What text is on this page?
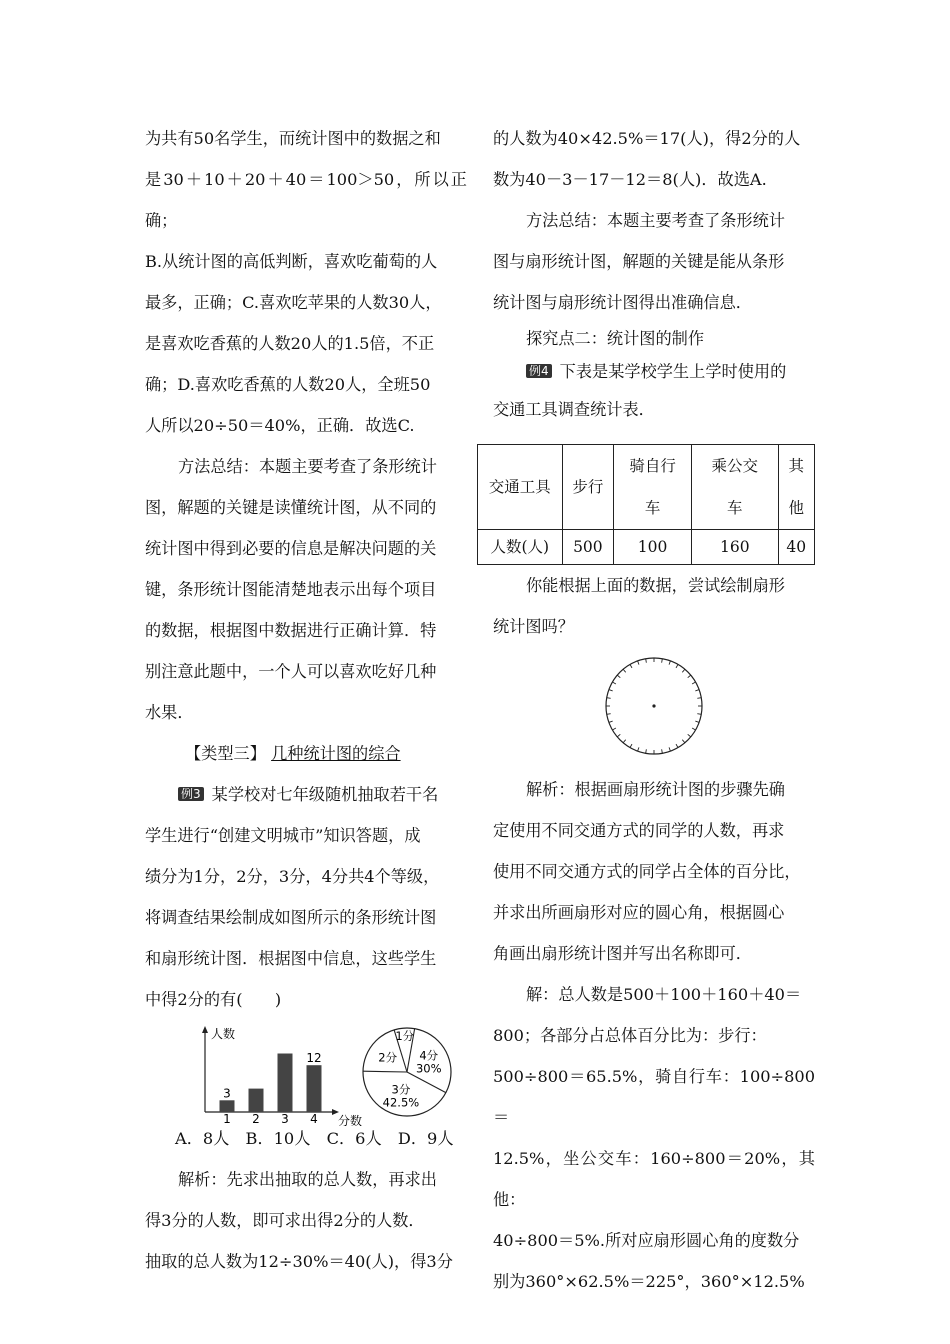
为共有50名学生，而统计图中的数据之和
是30＋10＋20＋40＝100＞50，所以正确；
B.从统计图的高低判断，喜欢吃葡萄的人
最多，正确；C.喜欢吃苹果的人数30人，
是喜欢吃香蕉的人数20人的1.5倍，不正
确；D.喜欢吃香蕉的人数20人，全班50
人所以20÷50＝40%，正确．故选C.
方法总结：本题主要考查了条形统计
图，解题的关键是读懂统计图，从不同的
统计图中得到必要的信息是解决问题的关
键，条形统计图能清楚地表示出每个项目
的数据，根据图中数据进行正确计算．特
别注意此题中，一个人可以喜欢吃好几种
水果．
【类型三】 几种统计图的综合
例3 某学校对七年级随机抽取若干名
学生进行“创建文明城市”知识答题，成
绩分为1分，2分，3分，4分共4个等级，
将调查结果绘制成如图所示的条形统计图
和扇形统计图．根据图中信息，这些学生
中得2分的有(　　)
人数
分数
1 2 3 4
3
12	4分
30%
3分
42.5%
2分
1分
A．8人　B．10人　C．6人　D．9人
解析：先求出抽取的总人数，再求出
得3分的人数，即可求出得2分的人数．
抽取的总人数为12÷30%＝40(人)，得3分
的人数为40×42.5%＝17(人)，得2分的人
数为40－3－17－12＝8(人)．故选A.
方法总结：本题主要考查了条形统计
图与扇形统计图，解题的关键是能从条形
统计图与扇形统计图得出准确信息．
探究点二：统计图的制作
例4 下表是某学校学生上学时使用的
交通工具调查统计表．
交通工具	步行	骑自行
车	乘公交
车	其
他
人数(人)	500	100	160	40
你能根据上面的数据，尝试绘制扇形
统计图吗？
解析：根据画扇形统计图的步骤先确
定使用不同交通方式的同学的人数，再求
使用不同交通方式的同学占全体的百分比，
并求出所画扇形对应的圆心角，根据圆心
角画出扇形统计图并写出名称即可．
解：总人数是500＋100＋160＋40＝
800；各部分占总体百分比为：步行：
500÷800＝65.5%，骑自行车：100÷800＝
12.5%，坐公交车：160÷800＝20%，其他：
40÷800＝5%.所对应扇形圆心角的度数分
别为360°×62.5%＝225°，360°×12.5%
